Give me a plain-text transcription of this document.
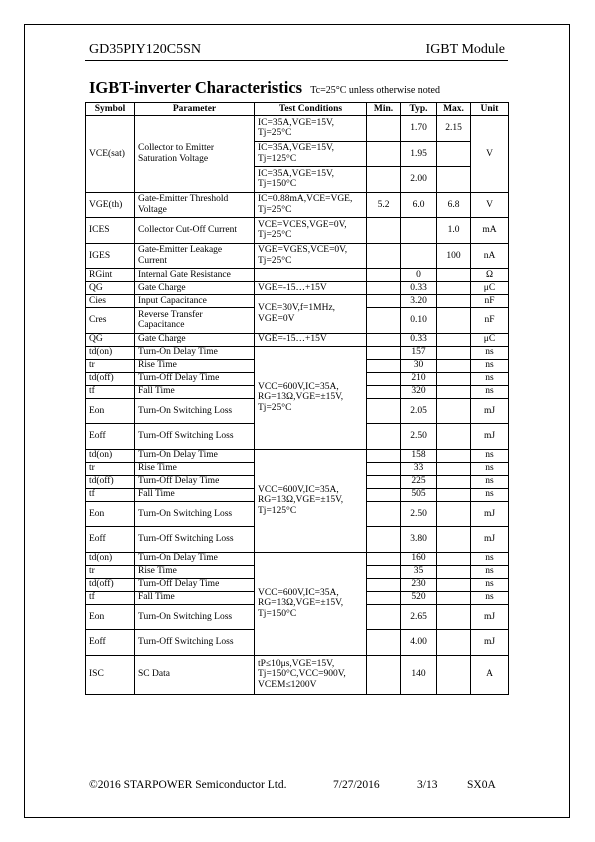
GD35PIY120C5SN	IGBT Module
IGBT-inverter Characteristics Tc=25°C unless otherwise noted
Symbol	Parameter	Test Conditions	Min.	Typ.	Max.	Unit
VCE(sat)	Collector to Emitter Saturation Voltage	IC=35A,VGE=15V, Tj=25°C		1.70	2.15	V
		IC=35A,VGE=15V, Tj=125°C		1.95		
		IC=35A,VGE=15V, Tj=150°C		2.00		
VGE(th)	Gate-Emitter Threshold Voltage	IC=0.88mA,VCE=VGE, Tj=25°C	5.2	6.0	6.8	V
ICES	Collector Cut-Off Current	VCE=VCES,VGE=0V, Tj=25°C			1.0	mA
IGES	Gate-Emitter Leakage Current	VGE=VGES,VCE=0V, Tj=25°C			100	nA
RGint	Internal Gate Resistance			0		Ω
QG	Gate Charge	VGE=-15…+15V		0.33		μC
Cies	Input Capacitance	VCE=30V,f=1MHz, VGE=0V		3.20		nF
Cres	Reverse Transfer Capacitance			0.10		nF
QG	Gate Charge	VGE=-15…+15V		0.33		μC
td(on)	Turn-On Delay Time	VCC=600V,IC=35A, RG=13Ω,VGE=±15V, Tj=25°C		157		ns
tr	Rise Time			30		ns
td(off)	Turn-Off Delay Time			210		ns
tf	Fall Time			320		ns
Eon	Turn-On Switching Loss			2.05		mJ
Eoff	Turn-Off Switching Loss			2.50		mJ
td(on)	Turn-On Delay Time	VCC=600V,IC=35A, RG=13Ω,VGE=±15V, Tj=125°C		158		ns
tr	Rise Time			33		ns
td(off)	Turn-Off Delay Time			225		ns
tf	Fall Time			505		ns
Eon	Turn-On Switching Loss			2.50		mJ
Eoff	Turn-Off Switching Loss			3.80		mJ
td(on)	Turn-On Delay Time	VCC=600V,IC=35A, RG=13Ω,VGE=±15V, Tj=150°C		160		ns
tr	Rise Time			35		ns
td(off)	Turn-Off Delay Time			230		ns
tf	Fall Time			520		ns
Eon	Turn-On Switching Loss			2.65		mJ
Eoff	Turn-Off Switching Loss			4.00		mJ
ISC	SC Data	tP≤10μs,VGE=15V, Tj=150°C,VCC=900V, VCEM≤1200V		140		A
©2016 STARPOWER Semiconductor Ltd.	7/27/2016	3/13	SX0A
